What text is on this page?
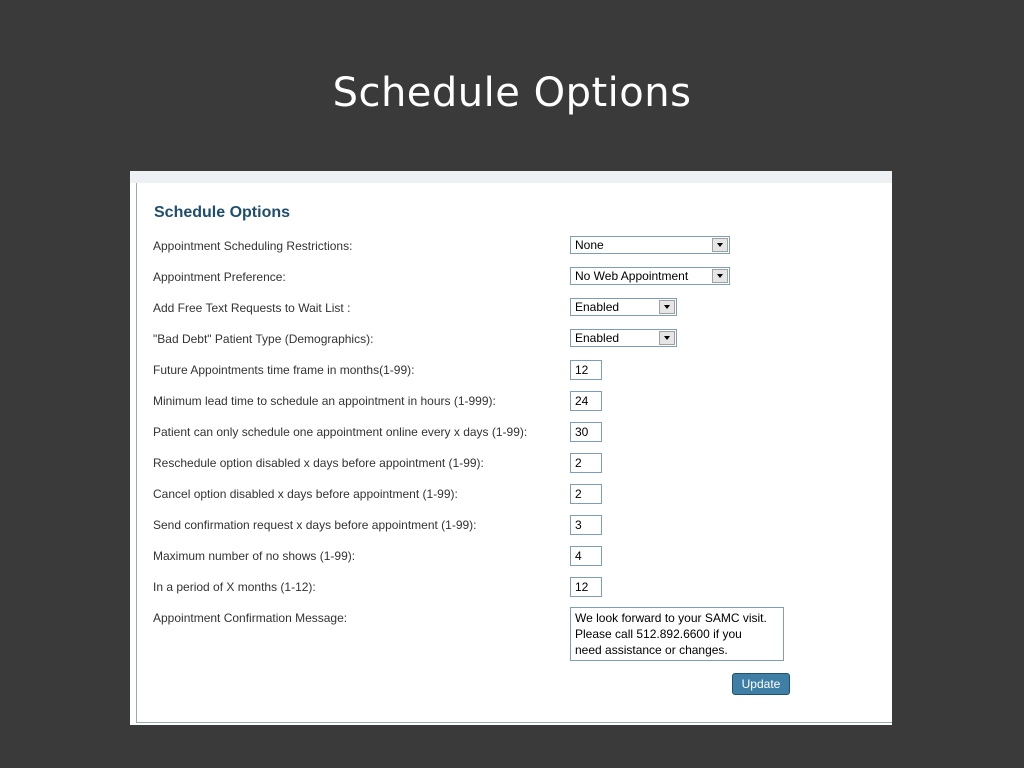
Schedule Options
Schedule Options
Appointment Scheduling Restrictions:	None
Appointment Preference:	No Web Appointment
Add Free Text Requests to Wait List :	Enabled
"Bad Debt" Patient Type (Demographics):	Enabled
Future Appointments time frame in months(1-99):	12
Minimum lead time to schedule an appointment in hours (1-999):	24
Patient can only schedule one appointment online every x days (1-99):	30
Reschedule option disabled x days before appointment (1-99):	2
Cancel option disabled x days before appointment (1-99):	2
Send confirmation request x days before appointment (1-99):	3
Maximum number of no shows (1-99):	4
In a period of X months (1-12):	12
Appointment Confirmation Message:	We look forward to your SAMC visit.
Please call 512.892.6600 if you
need assistance or changes.
Update
